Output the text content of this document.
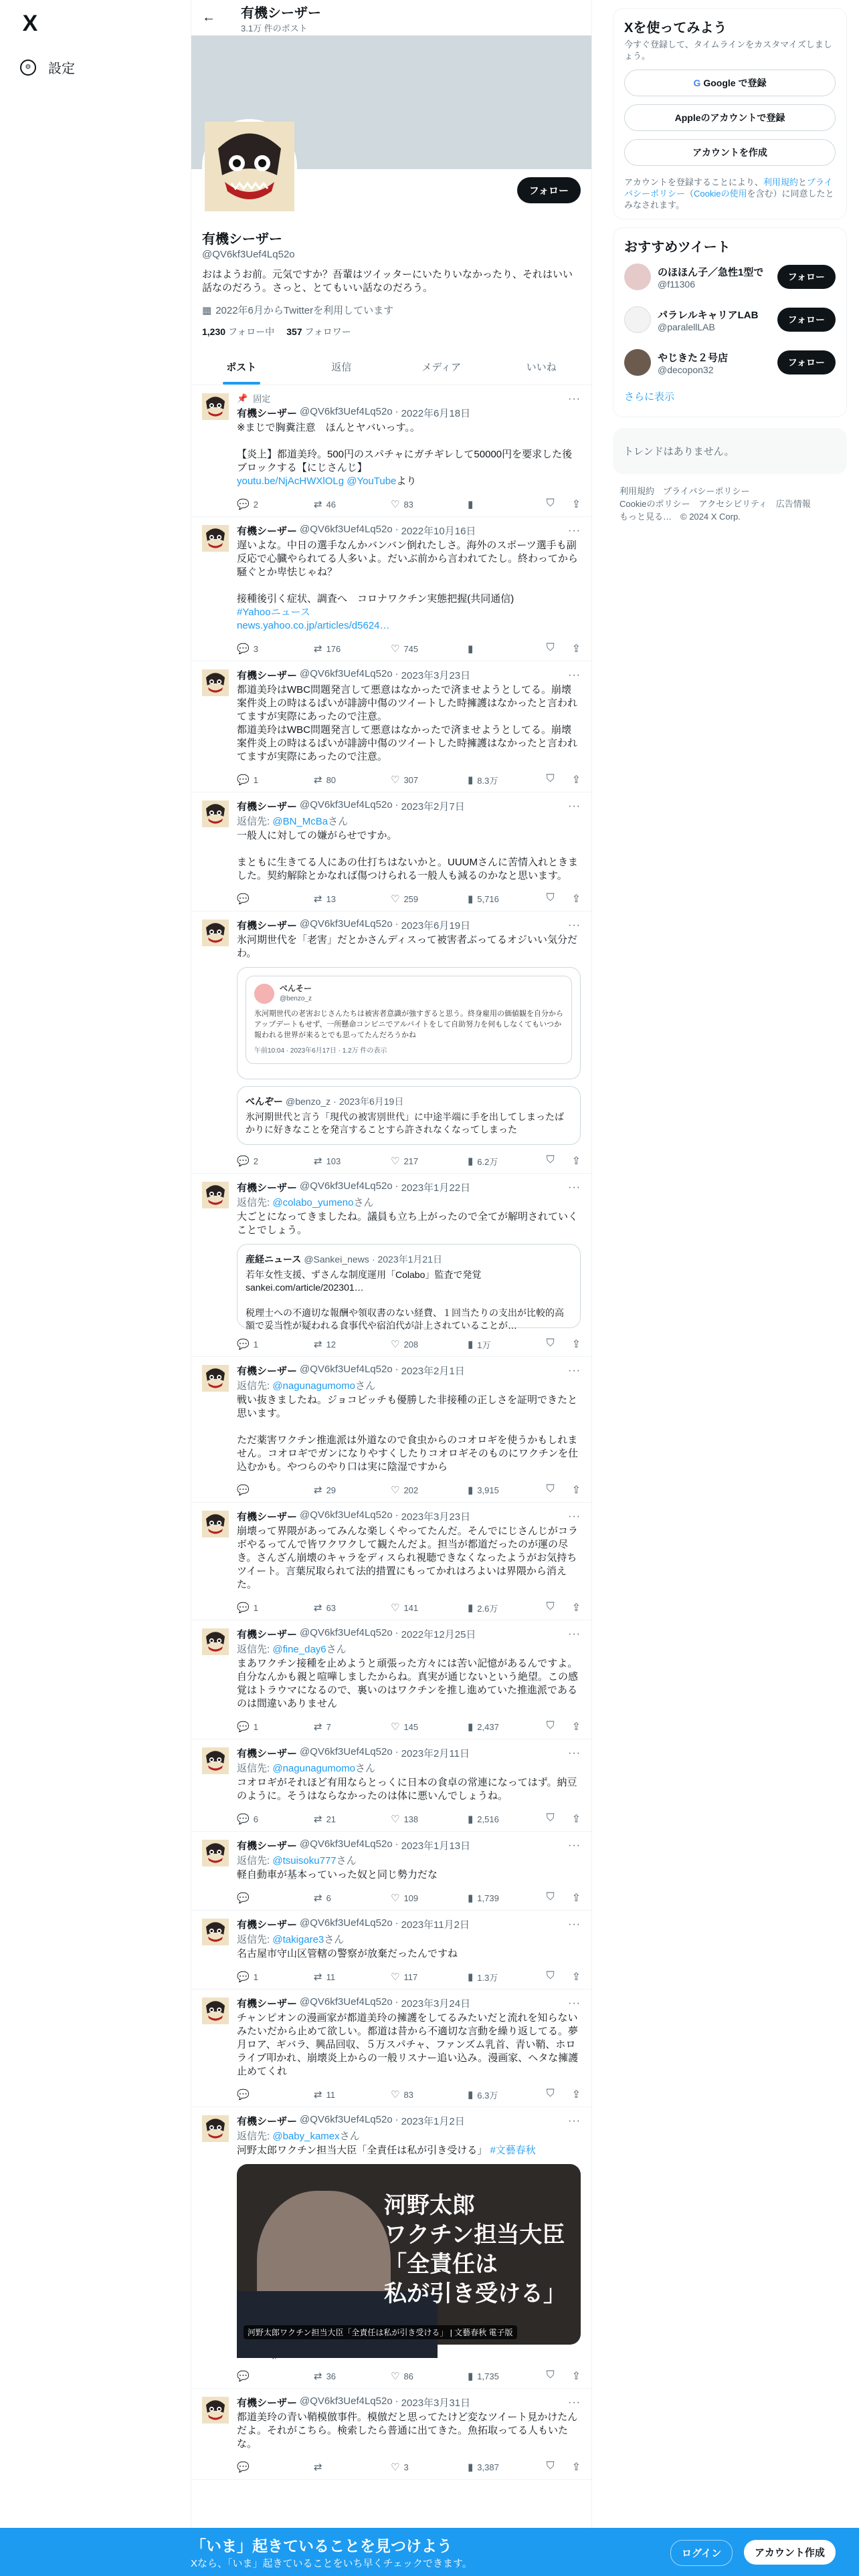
X
⚙	設定
←	有機シーザー
3.1万 件のポスト
フォロー
有機シーザー
@QV6kf3Uef4Lq52o
おはようお前。元気ですか？吾輩はツイッターにいたりいなかったり、それはいい話なのだろう。さっと、とてもいい話なのだろう。
▦ 2022年6月からTwitterを利用しています
1,230 フォロー中 357 フォロワー
ポスト	返信	メディア	いいね
📌 固定
有機シーザー @QV6kf3Uef4Lq52o · 2022年6月18日
···
※まじで胸糞注意　ほんとヤバいっす。。

【炎上】都道美玲。500円のスパチャにガチギレして50000円を要求した後ブロックする【にじさんじ】
youtu.be/NjAcHWXlOLg @YouTubeより
💬 2	⇄ 46	♡ 83	▮	⛉ ⇪
有機シーザー @QV6kf3Uef4Lq52o · 2022年10月16日	···
遅いよな。中日の選手なんかバンバン倒れたしさ。海外のスポーツ選手も副反応で心臓やられてる人多いよ。だいぶ前から言われてたし。終わってから騒ぐとか卑怯じゃね？

接種後引く症状、調査へ　コロナワクチン実態把握(共同通信)
#Yahooニュース
news.yahoo.co.jp/articles/d5624…
💬 3	⇄ 176	♡ 745	▮	⛉ ⇪
有機シーザー @QV6kf3Uef4Lq52o · 2023年3月23日	···
都道美玲はWBC問題発言して悪意はなかったで済ませようとしてる。崩壊案件炎上の時はるぱいが誹謗中傷のツイートした時擁護はなかったと言われてますが実際にあったので注意。
都道美玲はWBC問題発言して悪意はなかったで済ませようとしてる。崩壊案件炎上の時はるぱいが誹謗中傷のツイートした時擁護はなかったと言われてますが実際にあったので注意。
💬 1	⇄ 80	♡ 307	▮ 8.3万	⛉ ⇪
有機シーザー @QV6kf3Uef4Lq52o · 2023年2月7日	···
返信先: @BN_McBaさん
一般人に対しての嫌がらせですか。

まともに生きてる人にあの仕打ちはないかと。UUUMさんに苦情入れときました。契約解除とかなれば傷つけられる一般人も減るのかなと思います。
💬	⇄ 13	♡ 259	▮ 5,716	⛉ ⇪
有機シーザー @QV6kf3Uef4Lq52o · 2023年6月19日	···
氷河期世代を「老害」だとかさんディスって被害者ぶってるオジいい気分だわ。
べんそー
@benzo_z
氷河期世代の老害おじさんたちは被害者意識が強すぎると思う。終身雇用の価値観を自分からアップデートもせず、一所懸命コンビニでアルバイトをして自助努力を何もしなくてもいつか報われる世界が来るとでも思ってたんだろうかね
午前10:04 · 2023年6月17日 · 1.2万 件の表示
べんぞー @benzo_z · 2023年6月19日
氷河期世代と言う「現代の被害別世代」に中途半端に手を出してしまったばかりに好きなことを発言することすら許されなくなってしまった
💬 2	⇄ 103	♡ 217	▮ 6.2万	⛉ ⇪
有機シーザー @QV6kf3Uef4Lq52o · 2023年1月22日	···
返信先: @colabo_yumenoさん
大ごとになってきましたね。議員も立ち上がったので全てが解明されていくことでしょう。
産経ニュース @Sankei_news · 2023年1月21日
若年女性支援、ずさんな制度運用「Colabo」監査で発覚
sankei.com/article/202301…

税理士への不適切な報酬や領収書のない経費、１回当たりの支出が比較的高額で妥当性が疑われる食事代や宿泊代が計上されていることが…
💬 1	⇄ 12	♡ 208	▮ 1万	⛉ ⇪
有機シーザー @QV6kf3Uef4Lq52o · 2023年2月1日	···
返信先: @nagunagumomoさん
戦い抜きましたね。ジョコビッチも優勝した非接種の正しさを証明できたと思います。

ただ薬害ワクチン推進派は外道なので食虫からのコオロギを使うかもしれません。コオロギでガンになりやすくしたりコオロギそのものにワクチンを仕込むかも。やつらのやり口は実に陰湿ですから
💬	⇄ 29	♡ 202	▮ 3,915	⛉ ⇪
有機シーザー @QV6kf3Uef4Lq52o · 2023年3月23日	···
崩壊って界隈があってみんな楽しくやってたんだ。そんでにじさんじがコラボやるってんで皆ワクワクして観たんだよ。担当が都道だったのが運の尽き。さんざん崩壊のキャラをディスられ視聴できなくなったようがお気持ちツイート。言葉尻取られて法的措置にもってかれはろよいは界隈から消えた。
💬 1	⇄ 63	♡ 141	▮ 2.6万	⛉ ⇪
有機シーザー @QV6kf3Uef4Lq52o · 2022年12月25日	···
返信先: @fine_day6さん
まあワクチン接種を止めようと頑張った方々には苦い記憶があるんですよ。自分なんかも親と喧嘩しましたからね。真実が通じないという絶望。この感覚はトラウマになるので、裏いのはワクチンを推し進めていた推進派であるのは間違いありません
💬 1	⇄ 7	♡ 145	▮ 2,437	⛉ ⇪
有機シーザー @QV6kf3Uef4Lq52o · 2023年2月11日	···
返信先: @nagunagumomoさん
コオロギがそれほど有用ならとっくに日本の食卓の常連になってはず。納豆のように。そうはならなかったのは体に悪いんでしょうね。
💬 6	⇄ 21	♡ 138	▮ 2,516	⛉ ⇪
有機シーザー @QV6kf3Uef4Lq52o · 2023年1月13日	···
返信先: @tsuisoku777さん
軽自動車が基本っていった奴と同じ勢力だな
💬	⇄ 6	♡ 109	▮ 1,739	⛉ ⇪
有機シーザー @QV6kf3Uef4Lq52o · 2023年11月2日	···
返信先: @takigare3さん
名古屋市守山区管轄の警察が放棄だったんですね
💬 1	⇄ 11	♡ 117	▮ 1.3万	⛉ ⇪
有機シーザー @QV6kf3Uef4Lq52o · 2023年3月24日	···
チャンピオンの漫画家が都道美玲の擁護をしてるみたいだと流れを知らないみたいだから止めて欲しい。都道は昔から不適切な言動を繰り返してる。夢月ロア、ギバラ、興品回収、５万スパチャ、ファンズム乳首、青い鞘、ホロライブ叩かれ、崩壊炎上からの一般リスナー追い込み。漫画家、ヘタな擁護止めてくれ
💬	⇄ 11	♡ 83	▮ 6.3万	⛉ ⇪
有機シーザー @QV6kf3Uef4Lq52o · 2023年1月2日	···
返信先: @baby_kamexさん
河野太郎ワクチン担当大臣「全責任は私が引き受ける」 #文藝春秋
河野太郎
ワクチン担当大臣
「全責任は
私が引き受ける」
河野太郎ワクチン担当大臣「全責任は私が引き受ける」 | 文藝春秋 電子版
💬	⇄ 36	♡ 86	▮ 1,735	⛉ ⇪
有機シーザー @QV6kf3Uef4Lq52o · 2023年3月31日	···
都道美玲の青い鞘模倣事件。模倣だと思ってたけど変なツイート見かけたんだよ。それがこちら。検索したら普通に出てきた。魚拓取ってる人もいたな。
💬	⇄	♡ 3	▮ 3,387	⛉ ⇪
Xを使ってみよう
今すぐ登録して、タイムラインをカスタマイズしましょう。
G Google で登録
Appleのアカウントで登録
アカウントを作成
アカウントを登録することにより、利用規約とプライバシーポリシー（Cookieの使用を含む）に同意したとみなされます。
おすすめツイート
のほほん子／急性1型で
@f11306
フォロー
パラレルキャリアLAB
@paralellLAB
フォロー
やじきた２号店
@decopon32
フォロー
さらに表示
トレンドはありません。
利用規約　プライバシーポリシー
Cookieのポリシー　アクセシビリティ　広告情報
もっと見る…　© 2024 X Corp.
「いま」起きていることを見つけよう
Xなら、「いま」起きていることをいち早くチェックできます。
ログイン	アカウント作成
